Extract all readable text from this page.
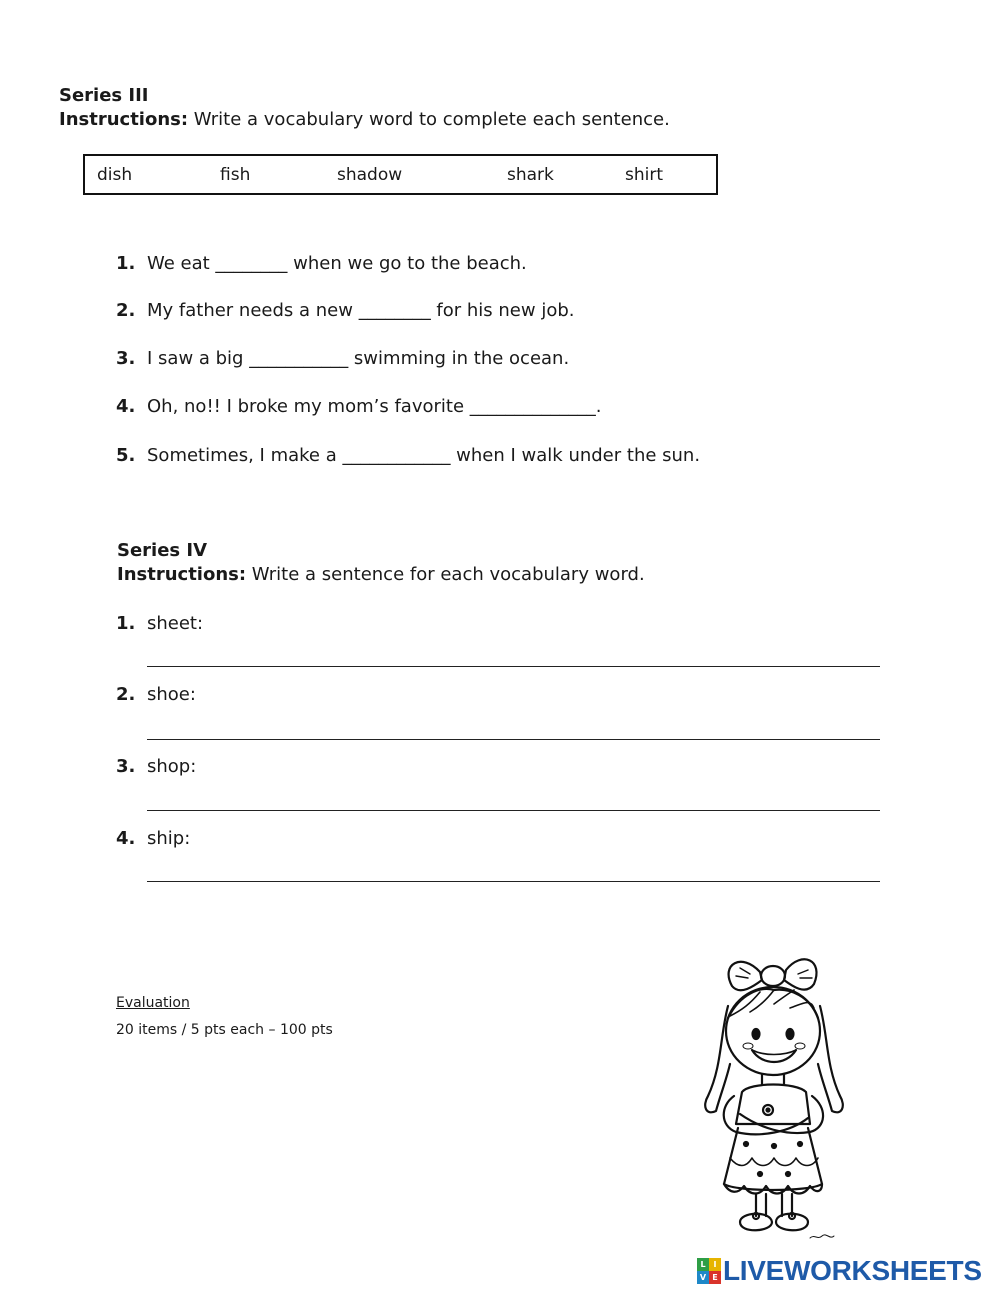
Series III
Instructions: Write a vocabulary word to complete each sentence.
dish	fish	shadow	shark	shirt
1. We eat ________ when we go to the beach.
2. My father needs a new ________ for his new job.
3. I saw a big ___________ swimming in the ocean.
4. Oh, no!! I broke my mom’s favorite ______________.
5. Sometimes, I make a ____________ when I walk under the sun.
Series IV
Instructions: Write a sentence for each vocabulary word.
1. sheet:
2. shoe:
3. shop:
4. ship:
Evaluation
20 items / 5 pts each – 100 pts
L I
V E LIVEWORKSHEETS
